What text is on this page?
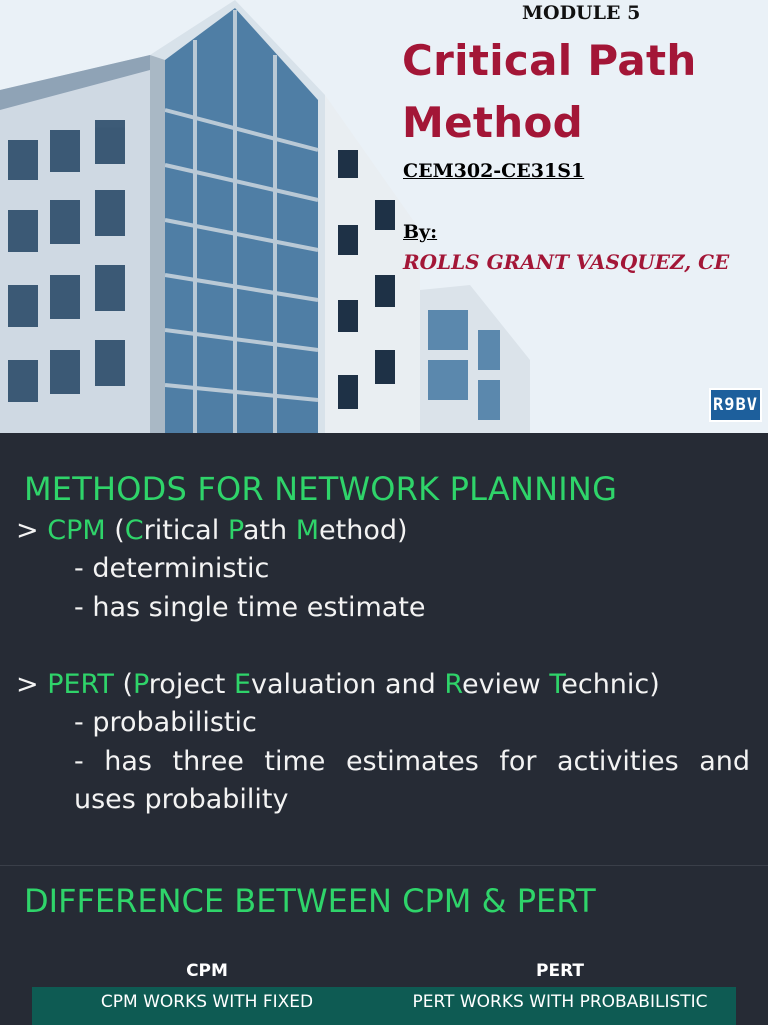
MODULE 5
Critical Path
Method
CEM302-CE31S1
By:
ROLLS GRANT VASQUEZ, CE
R9BV
METHODS FOR NETWORK PLANNING
> CPM (Critical Path Method)
- deterministic
- has single time estimate
> PERT (Project Evaluation and Review Technic)
- probabilistic
- has three time estimates for activities and
uses probability
DIFFERENCE BETWEEN CPM & PERT
CPM	PERT
CPM WORKS WITH FIXED	PERT WORKS WITH PROBABILISTIC
